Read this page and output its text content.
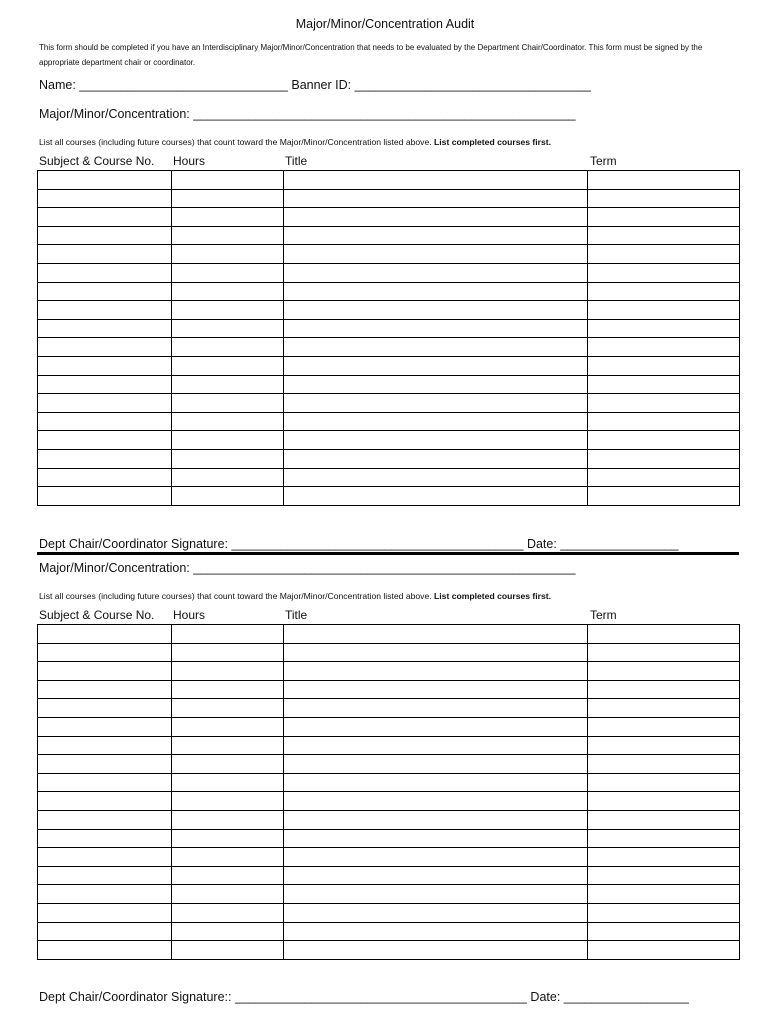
Major/Minor/Concentration Audit
This form should be completed if you have an Interdisciplinary Major/Minor/Concentration that needs to be evaluated by the Department Chair/Coordinator. This form must be signed by the appropriate department chair or coordinator.
Name: ______________________________ Banner ID: __________________________________
Major/Minor/Concentration: _______________________________________________________
List all courses (including future courses) that count toward the Major/Minor/Concentration listed above. List completed courses first.
Subject & Course No. Hours	Title	Term

Dept Chair/Coordinator Signature: __________________________________________ Date: _________________
Major/Minor/Concentration: _______________________________________________________
List all courses (including future courses) that count toward the Major/Minor/Concentration listed above. List completed courses first.
Subject & Course No. Hours	Title	Term

Dept Chair/Coordinator Signature:: __________________________________________ Date: __________________
